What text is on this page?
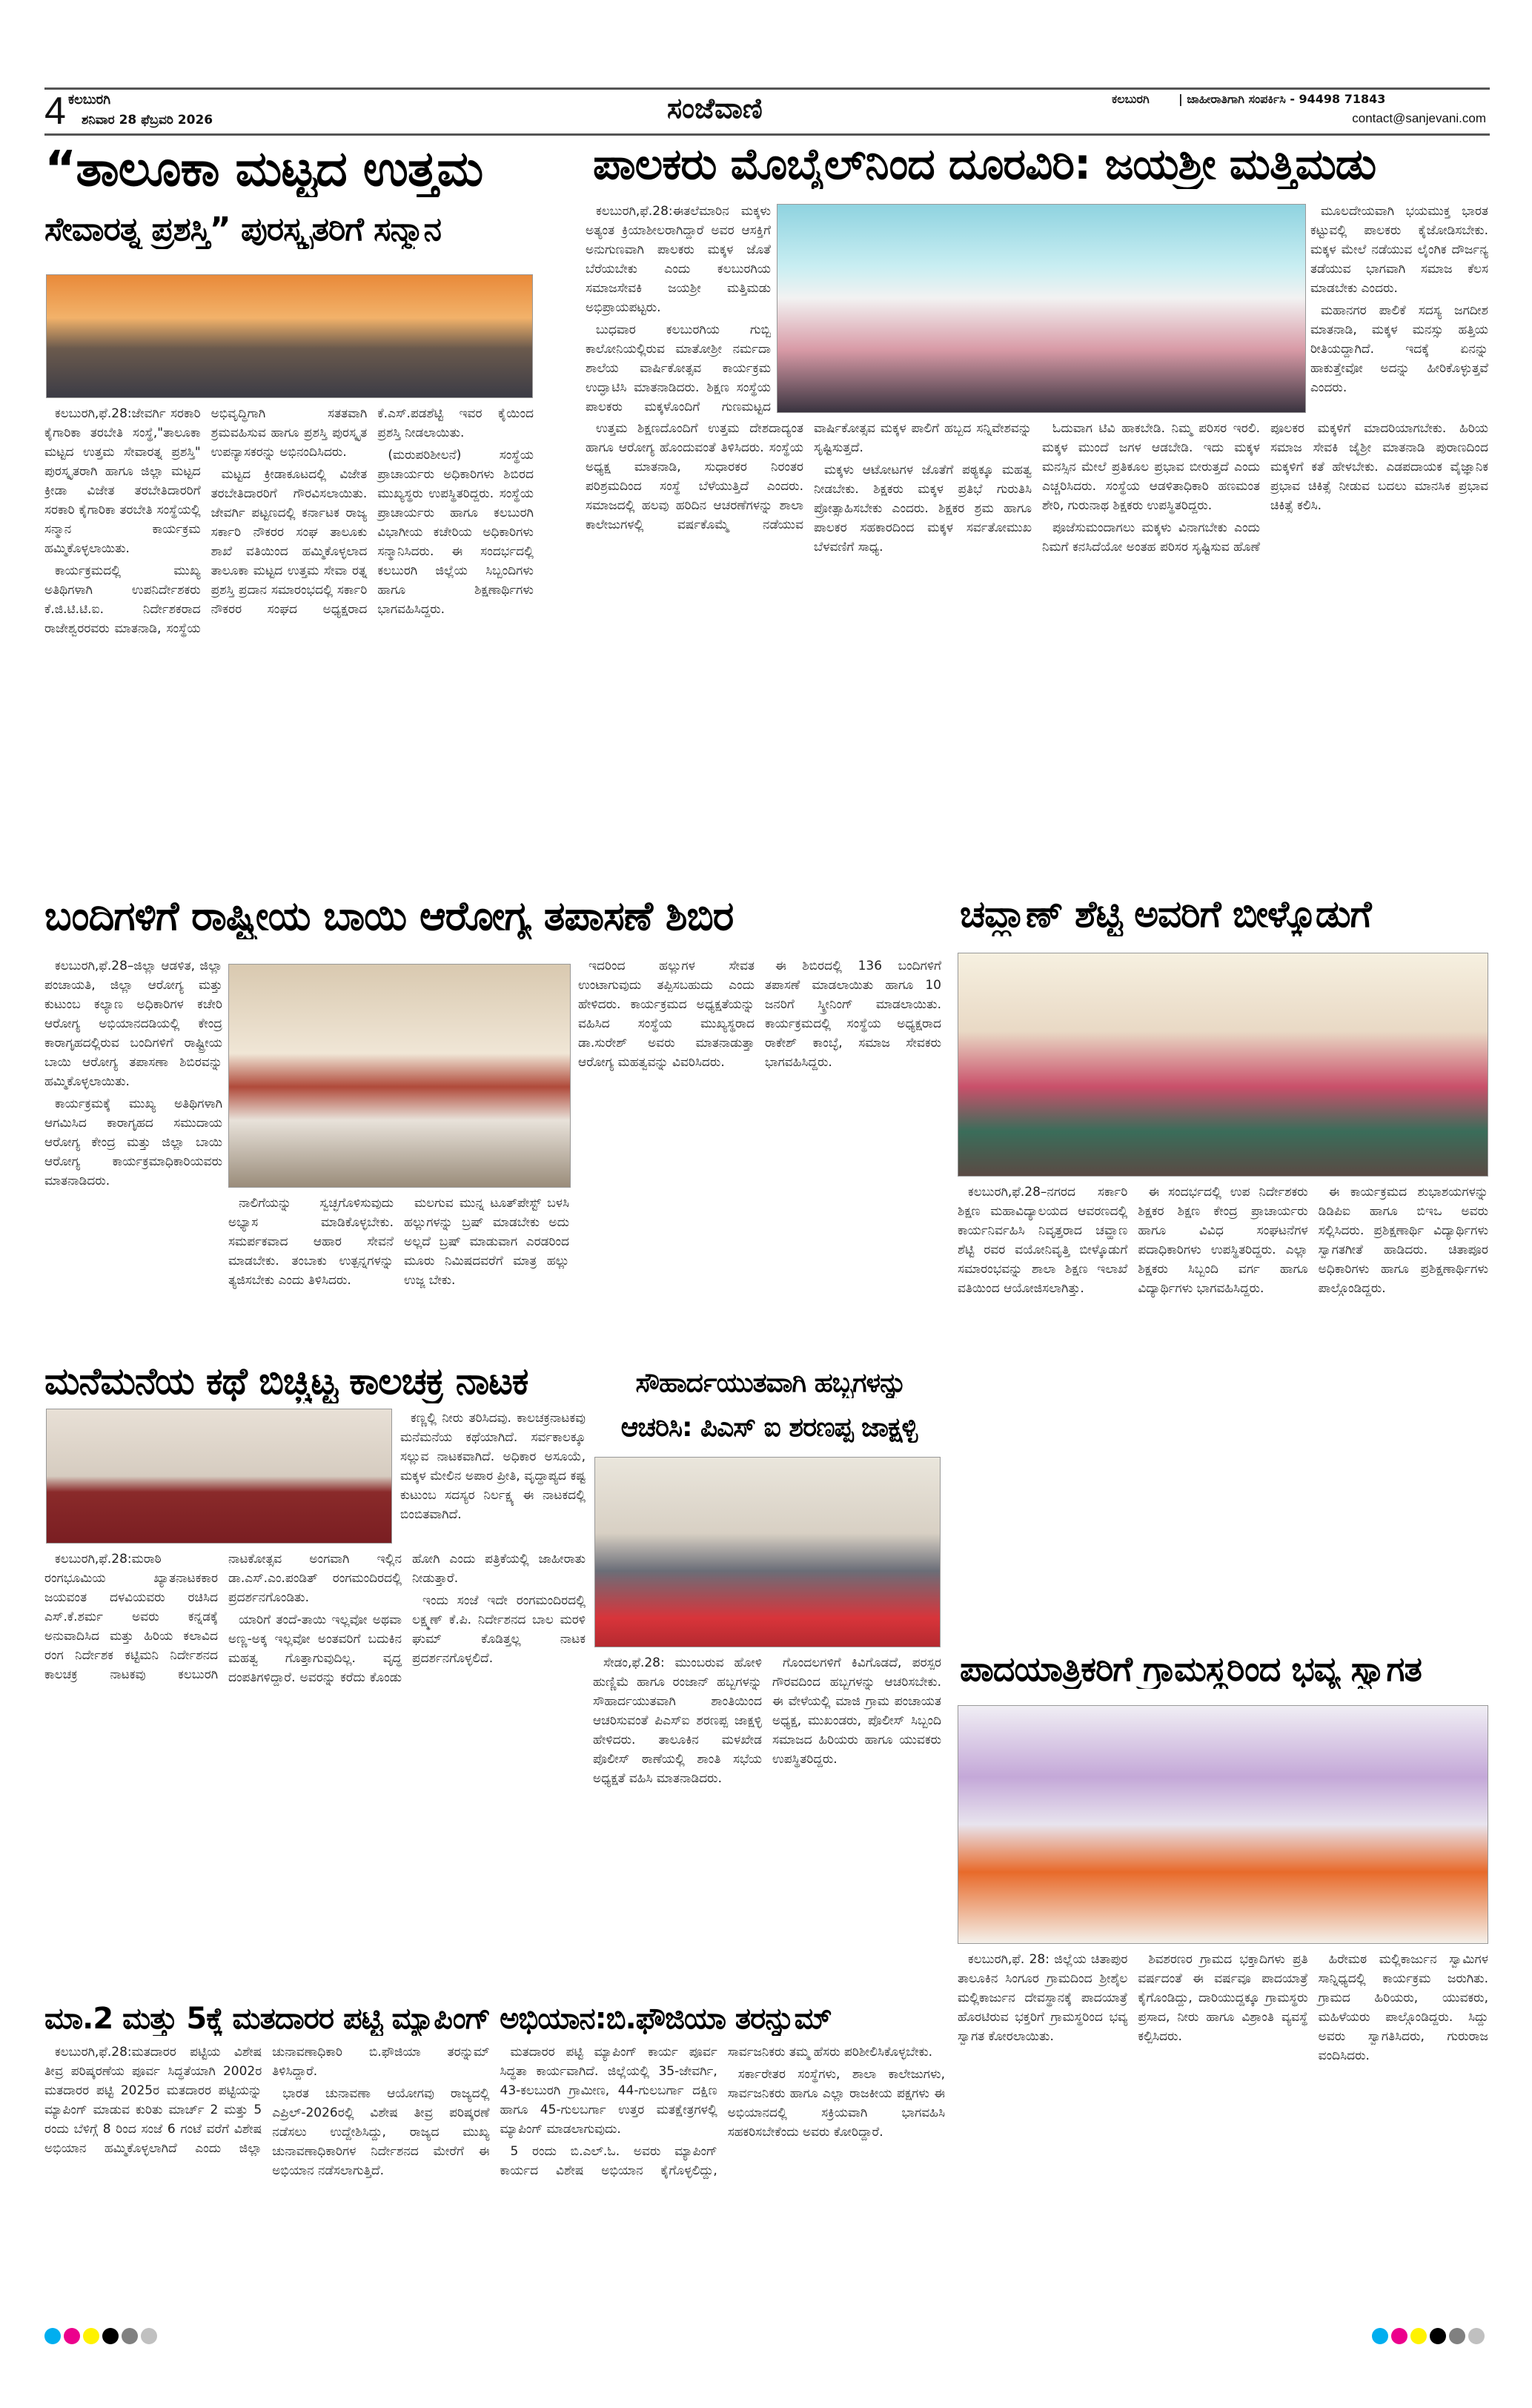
4 ಕಲಬುರಗಿ
ಶನಿವಾರ 28 ಫೆಬ್ರವರಿ 2026	ಸಂಜೆವಾಣಿ	ಕಲಬುರಗಿ | ಜಾಹೀರಾತಿಗಾಗಿ ಸಂಪರ್ಕಿಸಿ - 94498 71843
contact@sanjevani.com
“ತಾಲೂಕಾ ಮಟ್ಟದ ಉತ್ತಮ
ಸೇವಾರತ್ನ ಪ್ರಶಸ್ತಿ” ಪುರಸ್ಕೃತರಿಗೆ ಸನ್ಮಾನ

ಕಲಬುರಗಿ,ಫೆ.28:ಜೇವರ್ಗಿ ಸರಕಾರಿ ಕೈಗಾರಿಕಾ ತರಬೇತಿ ಸಂಸ್ಥೆ,"ತಾಲೂಕಾ ಮಟ್ಟದ ಉತ್ತಮ ಸೇವಾರತ್ನ ಪ್ರಶಸ್ತಿ" ಪುರಸ್ಕೃತರಾಗಿ ಹಾಗೂ ಜಿಲ್ಲಾ ಮಟ್ಟದ ಕ್ರೀಡಾ ವಿಜೇತ ತರಬೇತಿದಾರರಿಗೆ ಸರಕಾರಿ ಕೈಗಾರಿಕಾ ತರಬೇತಿ ಸಂಸ್ಥೆಯಲ್ಲಿ ಸನ್ಮಾನ ಕಾರ್ಯಕ್ರಮ ಹಮ್ಮಿಕೊಳ್ಳಲಾಯಿತು.

ಕಾರ್ಯಕ್ರಮದಲ್ಲಿ ಮುಖ್ಯ ಅತಿಥಿಗಳಾಗಿ ಉಪನಿರ್ದೇಶಕರು ಕೆ.ಜಿ.ಟಿ.ಟಿ.ಐ. ನಿರ್ದೇಶಕರಾದ ರಾಜೇಶ್ವರರವರು ಮಾತನಾಡಿ, ಸಂಸ್ಥೆಯ ಅಭಿವೃದ್ಧಿಗಾಗಿ ಸತತವಾಗಿ ಶ್ರಮವಹಿಸುವ ಹಾಗೂ ಪ್ರಶಸ್ತಿ ಪುರಸ್ಕೃತ ಉಪನ್ಯಾಸಕರನ್ನು ಅಭಿನಂದಿಸಿದರು.

ಮಟ್ಟದ ಕ್ರೀಡಾಕೂಟದಲ್ಲಿ ವಿಜೇತ ತರಬೇತಿದಾರರಿಗೆ ಗೌರವಿಸಲಾಯಿತು. ಜೇವರ್ಗಿ ಪಟ್ಟಣದಲ್ಲಿ ಕರ್ನಾಟಕ ರಾಜ್ಯ ಸರ್ಕಾರಿ ನೌಕರರ ಸಂಘ ತಾಲೂಕು ಶಾಖೆ ವತಿಯಿಂದ ಹಮ್ಮಿಕೊಳ್ಳಲಾದ ತಾಲೂಕಾ ಮಟ್ಟದ ಉತ್ತಮ ಸೇವಾ ರತ್ನ ಪ್ರಶಸ್ತಿ ಪ್ರದಾನ ಸಮಾರಂಭದಲ್ಲಿ ಸರ್ಕಾರಿ ನೌಕರರ ಸಂಘದ ಅಧ್ಯಕ್ಷರಾದ ಕೆ.ಎಸ್.ಪಡಶೆಟ್ಟಿ ಇವರ ಕೈಯಿಂದ ಪ್ರಶಸ್ತಿ ನೀಡಲಾಯಿತು.

(ಮರುಪರಿಶೀಲನೆ) ಸಂಸ್ಥೆಯ ಪ್ರಾಚಾರ್ಯರು ಅಧಿಕಾರಿಗಳು ಶಿಬಿರದ ಮುಖ್ಯಸ್ಥರು ಉಪಸ್ಥಿತರಿದ್ದರು. ಸಂಸ್ಥೆಯ ಪ್ರಾಚಾರ್ಯರು ಹಾಗೂ ಕಲಬುರಗಿ ವಿಭಾಗೀಯ ಕಚೇರಿಯ ಅಧಿಕಾರಿಗಳು ಸನ್ಮಾನಿಸಿದರು. ಈ ಸಂದರ್ಭದಲ್ಲಿ ಕಲಬುರಗಿ ಜಿಲ್ಲೆಯ ಸಿಬ್ಬಂದಿಗಳು ಹಾಗೂ ಶಿಕ್ಷಣಾರ್ಥಿಗಳು ಭಾಗವಹಿಸಿದ್ದರು.

ಪಾಲಕರು ಮೊಬೈಲ್‌ನಿಂದ ದೂರವಿರಿ: ಜಯಶ್ರೀ ಮತ್ತಿಮಡು

ಕಲಬುರಗಿ,ಫೆ.28:ಈತಲೆಮಾರಿನ ಮಕ್ಕಳು ಅತ್ಯಂತ ಕ್ರಿಯಾಶೀಲರಾಗಿದ್ದಾರೆ ಅವರ ಆಸಕ್ತಿಗೆ ಅನುಗುಣವಾಗಿ ಪಾಲಕರು ಮಕ್ಕಳ ಜೊತೆ ಬೆರೆಯಬೇಕು ಎಂದು ಕಲಬುರಗಿಯ ಸಮಾಜಸೇವಕಿ ಜಯಶ್ರೀ ಮತ್ತಿಮಡು ಅಭಿಪ್ರಾಯಪಟ್ಟರು.

ಬುಧವಾರ ಕಲಬುರಗಿಯ ಗುಬ್ಬಿ ಕಾಲೋನಿಯಲ್ಲಿರುವ ಮಾತೋಶ್ರೀ ನರ್ಮದಾ ಶಾಲೆಯ ವಾರ್ಷಿಕೋತ್ಸವ ಕಾರ್ಯಕ್ರಮ ಉದ್ಘಾಟಿಸಿ ಮಾತನಾಡಿದರು. ಶಿಕ್ಷಣ ಸಂಸ್ಥೆಯ ಪಾಲಕರು ಮಕ್ಕಳೊಂದಿಗೆ ಗುಣಮಟ್ಟದ

ಮೂಲದೇಯವಾಗಿ ಭಯಮುಕ್ತ ಭಾರತ ಕಟ್ಟುವಲ್ಲಿ ಪಾಲಕರು ಕೈಜೋಡಿಸಬೇಕು. ಮಕ್ಕಳ ಮೇಲೆ ನಡೆಯುವ ಲೈಂಗಿಕ ದೌರ್ಜನ್ಯ ತಡೆಯುವ ಭಾಗವಾಗಿ ಸಮಾಜ ಕೆಲಸ ಮಾಡಬೇಕು ಎಂದರು.

ಮಹಾನಗರ ಪಾಲಿಕೆ ಸದಸ್ಯ ಜಗದೀಶ ಮಾತನಾಡಿ, ಮಕ್ಕಳ ಮನಸ್ಸು ಹತ್ತಿಯ ರೀತಿಯದ್ದಾಗಿದೆ. ಇದಕ್ಕೆ ಏನನ್ನು ಹಾಕುತ್ತೇವೋ ಅದನ್ನು ಹೀರಿಕೊಳ್ಳುತ್ತವೆ ಎಂದರು.

ಉತ್ತಮ ಶಿಕ್ಷಣದೊಂದಿಗೆ ಉತ್ತಮ ದೇಶದಾದ್ಯಂತ ಹಾಗೂ ಆರೋಗ್ಯ ಹೊಂದುವಂತೆ ತಿಳಿಸಿದರು. ಸಂಸ್ಥೆಯ ಅಧ್ಯಕ್ಷ ಮಾತನಾಡಿ, ಸುಧಾರಕರ ನಿರಂತರ ಪರಿಶ್ರಮದಿಂದ ಸಂಸ್ಥೆ ಬೆಳೆಯುತ್ತಿದೆ ಎಂದರು. ಸಮಾಜದಲ್ಲಿ ಹಲವು ಹರಿದಿನ ಆಚರಣೆಗಳನ್ನು ಶಾಲಾ ಕಾಲೇಜುಗಳಲ್ಲಿ ವರ್ಷಕೊಮ್ಮೆ ನಡೆಯುವ ವಾರ್ಷಿಕೋತ್ಸವ ಮಕ್ಕಳ ಪಾಲಿಗೆ ಹಬ್ಬದ ಸನ್ನಿವೇಶವನ್ನು ಸೃಷ್ಟಿಸುತ್ತದೆ.

ಮಕ್ಕಳು ಆಟೋಟಗಳ ಜೊತೆಗೆ ಪಠ್ಯಕ್ಕೂ ಮಹತ್ವ ನೀಡಬೇಕು. ಶಿಕ್ಷಕರು ಮಕ್ಕಳ ಪ್ರತಿಭೆ ಗುರುತಿಸಿ ಪ್ರೋತ್ಸಾಹಿಸಬೇಕು ಎಂದರು. ಶಿಕ್ಷಕರ ಶ್ರಮ ಹಾಗೂ ಪಾಲಕರ ಸಹಕಾರದಿಂದ ಮಕ್ಕಳ ಸರ್ವತೋಮುಖ ಬೆಳವಣಿಗೆ ಸಾಧ್ಯ.

ಓದುವಾಗ ಟಿವಿ ಹಾಕಬೇಡಿ. ನಿಮ್ಮ ಪರಿಸರ ಇರಲಿ. ಮಕ್ಕಳ ಮುಂದೆ ಜಗಳ ಆಡಬೇಡಿ. ಇದು ಮಕ್ಕಳ ಮನಸ್ಸಿನ ಮೇಲೆ ಪ್ರತಿಕೂಲ ಪ್ರಭಾವ ಬೀರುತ್ತದೆ ಎಂದು ಎಚ್ಚರಿಸಿದರು. ಸಂಸ್ಥೆಯ ಆಡಳಿತಾಧಿಕಾರಿ ಹಣಮಂತ ಶೇರಿ, ಗುರುನಾಥ ಶಿಕ್ಷಕರು ಉಪಸ್ಥಿತರಿದ್ದರು.

ಪೂಜೆಸುಮಂದಾಗಲು ಮಕ್ಕಳು ವಿನಾಗಬೇಕು ಎಂದು ನಿಮಗೆ ಕನಸಿದೆಯೋ ಅಂತಹ ಪರಿಸರ ಸೃಷ್ಟಿಸುವ ಹೊಣೆ ಪೂಲಕರ ಮಕ್ಕಳಿಗೆ ಮಾದರಿಯಾಗಬೇಕು. ಹಿರಿಯ ಸಮಾಜ ಸೇವಕಿ ಜೈಶ್ರೀ ಮಾತನಾಡಿ ಪುರಾಣದಿಂದ ಮಕ್ಕಳಿಗೆ ಕತೆ ಹೇಳಬೇಕು. ಎಡಪದಾಯಕ ವೈಜ್ಞಾನಿಕ ಪ್ರಭಾವ ಚಿಕಿತ್ಸೆ ನೀಡುವ ಬದಲು ಮಾನಸಿಕ ಪ್ರಭಾವ ಚಿಕಿತ್ಸೆ ಕಲಿಸಿ.

ಬಂದಿಗಳಿಗೆ ರಾಷ್ಟ್ರೀಯ ಬಾಯಿ ಆರೋಗ್ಯ ತಪಾಸಣೆ ಶಿಬಿರ

ಕಲಬುರಗಿ,ಫೆ.28–ಜಿಲ್ಲಾ ಆಡಳಿತ, ಜಿಲ್ಲಾ ಪಂಚಾಯತಿ, ಜಿಲ್ಲಾ ಆರೋಗ್ಯ ಮತ್ತು ಕುಟುಂಬ ಕಲ್ಯಾಣ ಅಧಿಕಾರಿಗಳ ಕಚೇರಿ ಆರೋಗ್ಯ ಅಭಿಯಾನದಡಿಯಲ್ಲಿ ಕೇಂದ್ರ ಕಾರಾಗೃಹದಲ್ಲಿರುವ ಬಂದಿಗಳಿಗೆ ರಾಷ್ಟ್ರೀಯ ಬಾಯಿ ಆರೋಗ್ಯ ತಪಾಸಣಾ ಶಿಬಿರವನ್ನು ಹಮ್ಮಿಕೊಳ್ಳಲಾಯಿತು.

ಕಾರ್ಯಕ್ರಮಕ್ಕೆ ಮುಖ್ಯ ಅತಿಥಿಗಳಾಗಿ ಆಗಮಿಸಿದ ಕಾರಾಗೃಹದ ಸಮುದಾಯ ಆರೋಗ್ಯ ಕೇಂದ್ರ ಮತ್ತು ಜಿಲ್ಲಾ ಬಾಯಿ ಆರೋಗ್ಯ ಕಾರ್ಯಕ್ರಮಾಧಿಕಾರಿಯವರು ಮಾತನಾಡಿದರು.

ನಾಲಿಗೆಯನ್ನು ಸ್ವಚ್ಛಗೊಳಿಸುವುದು ಅಭ್ಯಾಸ ಮಾಡಿಕೊಳ್ಳಬೇಕು. ಸಮರ್ಪಕವಾದ ಆಹಾರ ಸೇವನೆ ಮಾಡಬೇಕು. ತಂಬಾಕು ಉತ್ಪನ್ನಗಳನ್ನು ತ್ಯಜಿಸಬೇಕು ಎಂದು ತಿಳಿಸಿದರು.

ಮಲಗುವ ಮುನ್ನ ಟೂತ್‌ಪೇಸ್ಟ್ ಬಳಸಿ ಹಲ್ಲುಗಳನ್ನು ಬ್ರಷ್ ಮಾಡಬೇಕು ಅದು ಅಲ್ಲದೆ ಬ್ರಷ್ ಮಾಡುವಾಗ ಎರಡರಿಂದ ಮೂರು ನಿಮಿಷದವರೆಗೆ ಮಾತ್ರ ಹಲ್ಲು ಉಜ್ಜ ಬೇಕು.

ಇದರಿಂದ ಹಲ್ಲುಗಳ ಸೇವತ ಉಂಟಾಗುವುದು ತಪ್ಪಿಸಬಹುದು ಎಂದು ಹೇಳಿದರು. ಕಾರ್ಯಕ್ರಮದ ಅಧ್ಯಕ್ಷತೆಯನ್ನು ವಹಿಸಿದ ಸಂಸ್ಥೆಯ ಮುಖ್ಯಸ್ಥರಾದ ಡಾ.ಸುರೇಶ್ ಅವರು ಮಾತನಾಡುತ್ತಾ ಆರೋಗ್ಯ ಮಹತ್ವವನ್ನು ವಿವರಿಸಿದರು.

ಈ ಶಿಬಿರದಲ್ಲಿ 136 ಬಂದಿಗಳಿಗೆ ತಪಾಸಣೆ ಮಾಡಲಾಯಿತು ಹಾಗೂ 10 ಜನರಿಗೆ ಸ್ಕ್ರೀನಿಂಗ್ ಮಾಡಲಾಯಿತು. ಕಾರ್ಯಕ್ರಮದಲ್ಲಿ ಸಂಸ್ಥೆಯ ಅಧ್ಯಕ್ಷರಾದ ರಾಕೇಶ್ ಕಾಂಬ್ಳೆ, ಸಮಾಜ ಸೇವಕರು ಭಾಗವಹಿಸಿದ್ದರು.

ಚವ್ಹಾಣ್ ಶೆಟ್ಟಿ ಅವರಿಗೆ ಬೀಳ್ಕೊಡುಗೆ

ಕಲಬುರಗಿ,ಫೆ.28–ನಗರದ ಸರ್ಕಾರಿ ಶಿಕ್ಷಣ ಮಹಾವಿದ್ಯಾಲಯದ ಆವರಣದಲ್ಲಿ ಕಾರ್ಯನಿರ್ವಹಿಸಿ ನಿವೃತ್ತರಾದ ಚವ್ಹಾಣ ಶೆಟ್ಟಿ ರವರ ವಯೋನಿವೃತ್ತಿ ಬೀಳ್ಕೊಡುಗೆ ಸಮಾರಂಭವನ್ನು ಶಾಲಾ ಶಿಕ್ಷಣ ಇಲಾಖೆ ವತಿಯಿಂದ ಆಯೋಜಿಸಲಾಗಿತ್ತು.

ಈ ಸಂದರ್ಭದಲ್ಲಿ ಉಪ ನಿರ್ದೇಶಕರು ಶಿಕ್ಷಕರ ಶಿಕ್ಷಣ ಕೇಂದ್ರ ಪ್ರಾಚಾರ್ಯರು ಹಾಗೂ ವಿವಿಧ ಸಂಘಟನೆಗಳ ಪದಾಧಿಕಾರಿಗಳು ಉಪಸ್ಥಿತರಿದ್ದರು. ಎಲ್ಲಾ ಶಿಕ್ಷಕರು ಸಿಬ್ಬಂದಿ ವರ್ಗ ಹಾಗೂ ವಿದ್ಯಾರ್ಥಿಗಳು ಭಾಗವಹಿಸಿದ್ದರು.

ಈ ಕಾರ್ಯಕ್ರಮದ ಶುಭಾಶಯಗಳನ್ನು ಡಿಡಿಪಿಐ ಹಾಗೂ ಬಿಇಒ ಅವರು ಸಲ್ಲಿಸಿದರು. ಪ್ರಶಿಕ್ಷಣಾರ್ಥಿ ವಿದ್ಯಾರ್ಥಿಗಳು ಸ್ವಾಗತಗೀತೆ ಹಾಡಿದರು. ಚಿತಾಪೂರ ಅಧಿಕಾರಿಗಳು ಹಾಗೂ ಪ್ರಶಿಕ್ಷಣಾರ್ಥಿಗಳು ಪಾಲ್ಗೊಂಡಿದ್ದರು.

ಮನೆಮನೆಯ ಕಥೆ ಬಿಚ್ಚಿಟ್ಟ ಕಾಲಚಕ್ರ ನಾಟಕ

ಕಣ್ಣಲ್ಲಿ ನೀರು ತರಿಸಿದವು. ಕಾಲಚಕ್ರನಾಟಕವು ಮನೆಮನೆಯ ಕಥೆಯಾಗಿದೆ. ಸರ್ವಕಾಲಕ್ಕೂ ಸಲ್ಲುವ ನಾಟಕವಾಗಿದೆ. ಅಧಿಕಾರ ಅಸೂಯೆ, ಮಕ್ಕಳ ಮೇಲಿನ ಅಪಾರ ಪ್ರೀತಿ, ವೃದ್ಧಾಪ್ಯದ ಕಷ್ಟ ಕುಟುಂಬ ಸದಸ್ಯರ ನಿರ್ಲಕ್ಷ್ಯ ಈ ನಾಟಕದಲ್ಲಿ ಬಿಂಬಿತವಾಗಿದೆ.

ಕಲಬುರಗಿ,ಫೆ.28:ಮರಾಠಿ ರಂಗಭೂಮಿಯ ಖ್ಯಾತನಾಟಕಕಾರ ಜಯವಂತ ದಳವಿಯವರು ರಚಿಸಿದ ಎಸ್.ಕೆ.ಶರ್ಮ ಅವರು ಕನ್ನಡಕ್ಕೆ ಅನುವಾದಿಸಿದ ಮತ್ತು ಹಿರಿಯ ಕಲಾವಿದ ರಂಗ ನಿರ್ದೇಶಕ ಕಟ್ಟಿಮನಿ ನಿರ್ದೇಶನದ ಕಾಲಚಕ್ರ ನಾಟಕವು ಕಲಬುರಗಿ ನಾಟಕೋತ್ಸವ ಅಂಗವಾಗಿ ಇಲ್ಲಿನ ಡಾ.ಎಸ್.ಎಂ.ಪಂಡಿತ್ ರಂಗಮಂದಿರದಲ್ಲಿ ಪ್ರದರ್ಶನಗೊಂಡಿತು.

ಯಾರಿಗೆ ತಂದೆ-ತಾಯಿ ಇಲ್ಲವೋ ಅಥವಾ ಅಣ್ಣ-ಅಕ್ಕ ಇಲ್ಲವೋ ಅಂತವರಿಗೆ ಬದುಕಿನ ಮಹತ್ವ ಗೊತ್ತಾಗುವುದಿಲ್ಲ. ವೃದ್ಧ ದಂಪತಿಗಳಿದ್ದಾರೆ. ಅವರನ್ನು ಕರೆದು ಕೊಂಡು ಹೋಗಿ ಎಂದು ಪತ್ರಿಕೆಯಲ್ಲಿ ಜಾಹೀರಾತು ನೀಡುತ್ತಾರೆ.

ಇಂದು ಸಂಜೆ ಇದೇ ರಂಗಮಂದಿರದಲ್ಲಿ ಲಕ್ಷ್ಮಣ್ ಕೆ.ಪಿ. ನಿರ್ದೇಶನದ ಬಾಲ ಮರಳಿ ಘುಮ್ ಕೊಡಿತ್ತಲ್ಲ ನಾಟಕ ಪ್ರದರ್ಶನಗೊಳ್ಳಲಿದೆ.

ಸೌಹಾರ್ದಯುತವಾಗಿ ಹಬ್ಬಗಳನ್ನು
ಆಚರಿಸಿ: ಪಿಎಸ್ ಐ ಶರಣಪ್ಪ ಜಾಕ್ಷಳ್ಳಿ

ಸೇಡಂ,ಫೆ.28: ಮುಂಬರುವ ಹೋಳಿ ಹುಣ್ಣಿಮೆ ಹಾಗೂ ರಂಜಾನ್ ಹಬ್ಬಗಳನ್ನು ಸೌಹಾರ್ದಯುತವಾಗಿ ಶಾಂತಿಯಿಂದ ಆಚರಿಸುವಂತೆ ಪಿಎಸ್‌ಐ ಶರಣಪ್ಪ ಜಾಕ್ಷಳ್ಳಿ ಹೇಳಿದರು. ತಾಲೂಕಿನ ಮಳಖೇಡ ಪೊಲೀಸ್ ಠಾಣೆಯಲ್ಲಿ ಶಾಂತಿ ಸಭೆಯ ಅಧ್ಯಕ್ಷತೆ ವಹಿಸಿ ಮಾತನಾಡಿದರು.

ಗೊಂದಲಗಳಿಗೆ ಕಿವಿಗೊಡದೆ, ಪರಸ್ಪರ ಗೌರವದಿಂದ ಹಬ್ಬಗಳನ್ನು ಆಚರಿಸಬೇಕು. ಈ ವೇಳೆಯಲ್ಲಿ ಮಾಜಿ ಗ್ರಾಮ ಪಂಚಾಯತ ಅಧ್ಯಕ್ಷ, ಮುಖಂಡರು, ಪೊಲೀಸ್ ಸಿಬ್ಬಂದಿ ಸಮಾಜದ ಹಿರಿಯರು ಹಾಗೂ ಯುವಕರು ಉಪಸ್ಥಿತರಿದ್ದರು.

ಪಾದಯಾತ್ರಿಕರಿಗೆ ಗ್ರಾಮಸ್ಥರಿಂದ ಭವ್ಯ ಸ್ವಾಗತ

ಕಲಬುರಗಿ,ಫೆ. 28: ಜಿಲ್ಲೆಯ ಚಿತಾಪುರ ತಾಲೂಕಿನ ಸಿಂಗೂರ ಗ್ರಾಮದಿಂದ ಶ್ರೀಶೈಲ ಮಲ್ಲಿಕಾರ್ಜುನ ದೇವಸ್ಥಾನಕ್ಕೆ ಪಾದಯಾತ್ರೆ ಹೊರಟಿರುವ ಭಕ್ತರಿಗೆ ಗ್ರಾಮಸ್ಥರಿಂದ ಭವ್ಯ ಸ್ವಾಗತ ಕೋರಲಾಯಿತು.

ಶಿವಶರಣರ ಗ್ರಾಮದ ಭಕ್ತಾದಿಗಳು ಪ್ರತಿ ವರ್ಷದಂತೆ ಈ ವರ್ಷವೂ ಪಾದಯಾತ್ರೆ ಕೈಗೊಂಡಿದ್ದು, ದಾರಿಯುದ್ದಕ್ಕೂ ಗ್ರಾಮಸ್ಥರು ಪ್ರಸಾದ, ನೀರು ಹಾಗೂ ವಿಶ್ರಾಂತಿ ವ್ಯವಸ್ಥೆ ಕಲ್ಪಿಸಿದರು.

ಹಿರೇಮಠ ಮಲ್ಲಿಕಾರ್ಜುನ ಸ್ವಾಮಿಗಳ ಸಾನ್ನಿಧ್ಯದಲ್ಲಿ ಕಾರ್ಯಕ್ರಮ ಜರುಗಿತು. ಗ್ರಾಮದ ಹಿರಿಯರು, ಯುವಕರು, ಮಹಿಳೆಯರು ಪಾಲ್ಗೊಂಡಿದ್ದರು. ಸಿದ್ದು ಅವರು ಸ್ವಾಗತಿಸಿದರು, ಗುರುರಾಜ ವಂದಿಸಿದರು.

ಮಾ.2 ಮತ್ತು 5ಕ್ಕೆ ಮತದಾರರ ಪಟ್ಟಿ ಮ್ಯಾಪಿಂಗ್ ಅಭಿಯಾನ:ಬಿ.ಫೌಜಿಯಾ ತರನ್ನುಮ್

ಕಲಬುರಗಿ,ಫೆ.28:ಮತದಾರರ ಪಟ್ಟಿಯ ವಿಶೇಷ ತೀವ್ರ ಪರಿಷ್ಕರಣೆಯ ಪೂರ್ವ ಸಿದ್ಧತೆಯಾಗಿ 2002ರ ಮತದಾರರ ಪಟ್ಟಿ 2025ರ ಮತದಾರರ ಪಟ್ಟಿಯನ್ನು ಮ್ಯಾಪಿಂಗ್ ಮಾಡುವ ಕುರಿತು ಮಾರ್ಚ್ 2 ಮತ್ತು 5 ರಂದು ಬೆಳಿಗ್ಗೆ 8 ರಿಂದ ಸಂಜೆ 6 ಗಂಟೆ ವರೆಗೆ ವಿಶೇಷ ಅಭಿಯಾನ ಹಮ್ಮಿಕೊಳ್ಳಲಾಗಿದೆ ಎಂದು ಜಿಲ್ಲಾ ಚುನಾವಣಾಧಿಕಾರಿ ಬಿ.ಫೌಜಿಯಾ ತರನ್ನುಮ್ ತಿಳಿಸಿದ್ದಾರೆ.

ಭಾರತ ಚುನಾವಣಾ ಆಯೋಗವು ರಾಜ್ಯದಲ್ಲಿ ಎಪ್ರಿಲ್-2026ರಲ್ಲಿ ವಿಶೇಷ ತೀವ್ರ ಪರಿಷ್ಕರಣೆ ನಡೆಸಲು ಉದ್ದೇಶಿಸಿದ್ದು, ರಾಜ್ಯದ ಮುಖ್ಯ ಚುನಾವಣಾಧಿಕಾರಿಗಳ ನಿರ್ದೇಶನದ ಮೇರೆಗೆ ಈ ಅಭಿಯಾನ ನಡೆಸಲಾಗುತ್ತಿದೆ.

ಮತದಾರರ ಪಟ್ಟಿ ಮ್ಯಾಪಿಂಗ್ ಕಾರ್ಯ ಪೂರ್ವ ಸಿದ್ಧತಾ ಕಾರ್ಯವಾಗಿದೆ. ಜಿಲ್ಲೆಯಲ್ಲಿ 35-ಜೇವರ್ಗಿ, 43-ಕಲಬುರಗಿ ಗ್ರಾಮೀಣ, 44-ಗುಲಬರ್ಗಾ ದಕ್ಷಿಣ ಹಾಗೂ 45-ಗುಲಬರ್ಗಾ ಉತ್ತರ ಮತಕ್ಷೇತ್ರಗಳಲ್ಲಿ ಮ್ಯಾಪಿಂಗ್ ಮಾಡಲಾಗುವುದು.

5 ರಂದು ಬಿ.ಎಲ್.ಓ. ಅವರು ಮ್ಯಾಪಿಂಗ್ ಕಾರ್ಯದ ವಿಶೇಷ ಅಭಿಯಾನ ಕೈಗೊಳ್ಳಲಿದ್ದು, ಸಾರ್ವಜನಿಕರು ತಮ್ಮ ಹೆಸರು ಪರಿಶೀಲಿಸಿಕೊಳ್ಳಬೇಕು.

ಸರ್ಕಾರೇತರ ಸಂಸ್ಥೆಗಳು, ಶಾಲಾ ಕಾಲೇಜುಗಳು, ಸಾರ್ವಜನಿಕರು ಹಾಗೂ ಎಲ್ಲಾ ರಾಜಕೀಯ ಪಕ್ಷಗಳು ಈ ಅಭಿಯಾನದಲ್ಲಿ ಸಕ್ರಿಯವಾಗಿ ಭಾಗವಹಿಸಿ ಸಹಕರಿಸಬೇಕೆಂದು ಅವರು ಕೋರಿದ್ದಾರೆ.
